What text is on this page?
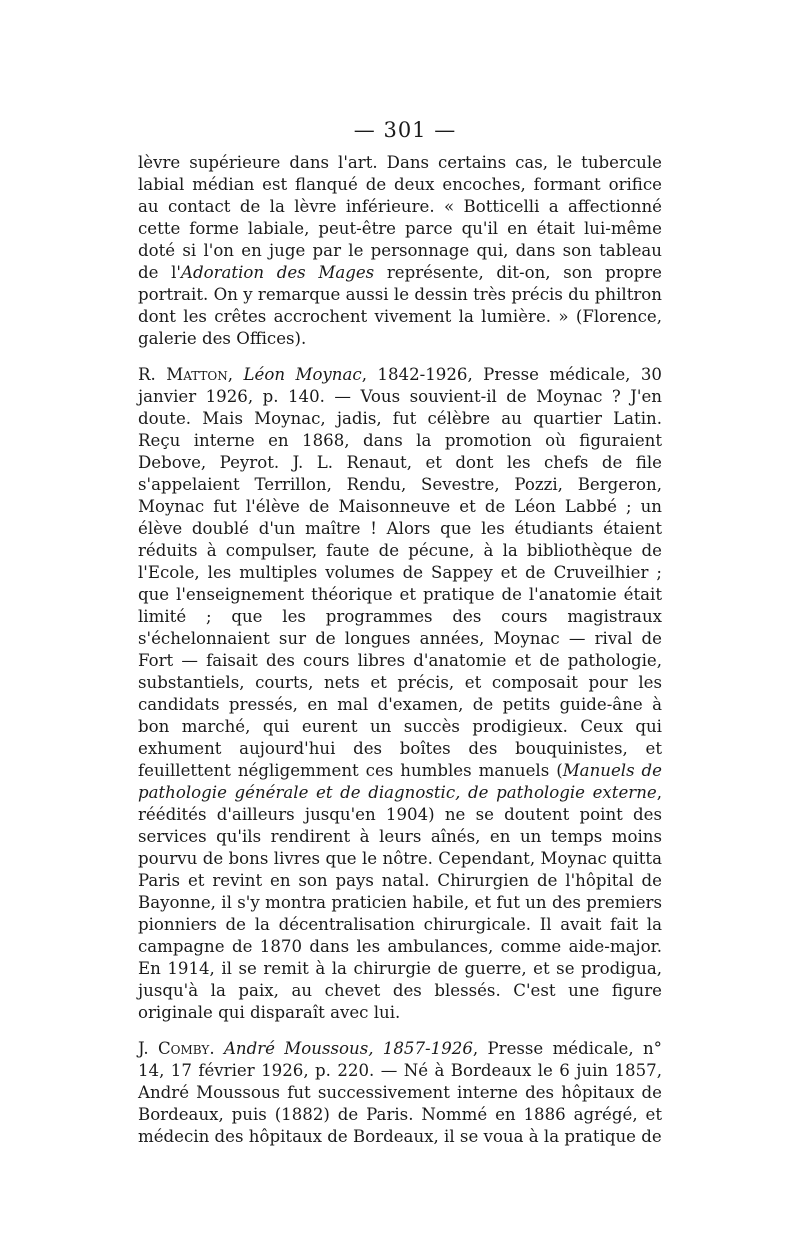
— 301 —

lèvre supérieure dans l'art. Dans certains cas, le tubercule labial médian est flanqué de deux encoches, formant orifice au contact de la lèvre inférieure. « Botticelli a affectionné cette forme labiale, peut-être parce qu'il en était lui-même doté si l'on en juge par le personnage qui, dans son tableau de l'Adoration des Mages représente, dit-on, son propre portrait. On y remarque aussi le dessin très précis du philtron dont les crêtes accrochent vivement la lumière. » (Florence, galerie des Offices).

R. Matton, Léon Moynac, 1842-1926, Presse médicale, 30 janvier 1926, p. 140. — Vous souvient-il de Moynac ? J'en doute. Mais Moynac, jadis, fut célèbre au quartier Latin. Reçu interne en 1868, dans la promotion où figuraient Debove, Peyrot. J. L. Renaut, et dont les chefs de file s'appelaient Terrillon, Rendu, Sevestre, Pozzi, Bergeron, Moynac fut l'élève de Maisonneuve et de Léon Labbé ; un élève doublé d'un maître ! Alors que les étudiants étaient réduits à compulser, faute de pécune, à la bibliothèque de l'Ecole, les multiples volumes de Sappey et de Cruveilhier ; que l'enseignement théorique et pratique de l'anatomie était limité ; que les programmes des cours magistraux s'échelonnaient sur de longues années, Moynac — rival de Fort — faisait des cours libres d'anatomie et de pathologie, substantiels, courts, nets et précis, et composait pour les candidats pressés, en mal d'examen, de petits guide-âne à bon marché, qui eurent un succès prodigieux. Ceux qui exhument aujourd'hui des boîtes des bouquinistes, et feuillettent négligemment ces humbles manuels (Manuels de pathologie générale et de diagnostic, de pathologie externe, réédités d'ailleurs jusqu'en 1904) ne se doutent point des services qu'ils rendirent à leurs aînés, en un temps moins pourvu de bons livres que le nôtre. Cependant, Moynac quitta Paris et revint en son pays natal. Chirurgien de l'hôpital de Bayonne, il s'y montra praticien habile, et fut un des premiers pionniers de la décentralisation chirurgicale. Il avait fait la campagne de 1870 dans les ambulances, comme aide-major. En 1914, il se remit à la chirurgie de guerre, et se prodigua, jusqu'à la paix, au chevet des blessés. C'est une figure originale qui disparaît avec lui.

J. Comby. André Moussous, 1857-1926, Presse médicale, n° 14, 17 février 1926, p. 220. — Né à Bordeaux le 6 juin 1857, André Moussous fut successivement interne des hôpitaux de Bordeaux, puis (1882) de Paris. Nommé en 1886 agrégé, et médecin des hôpitaux de Bordeaux, il se voua à la pratique de
